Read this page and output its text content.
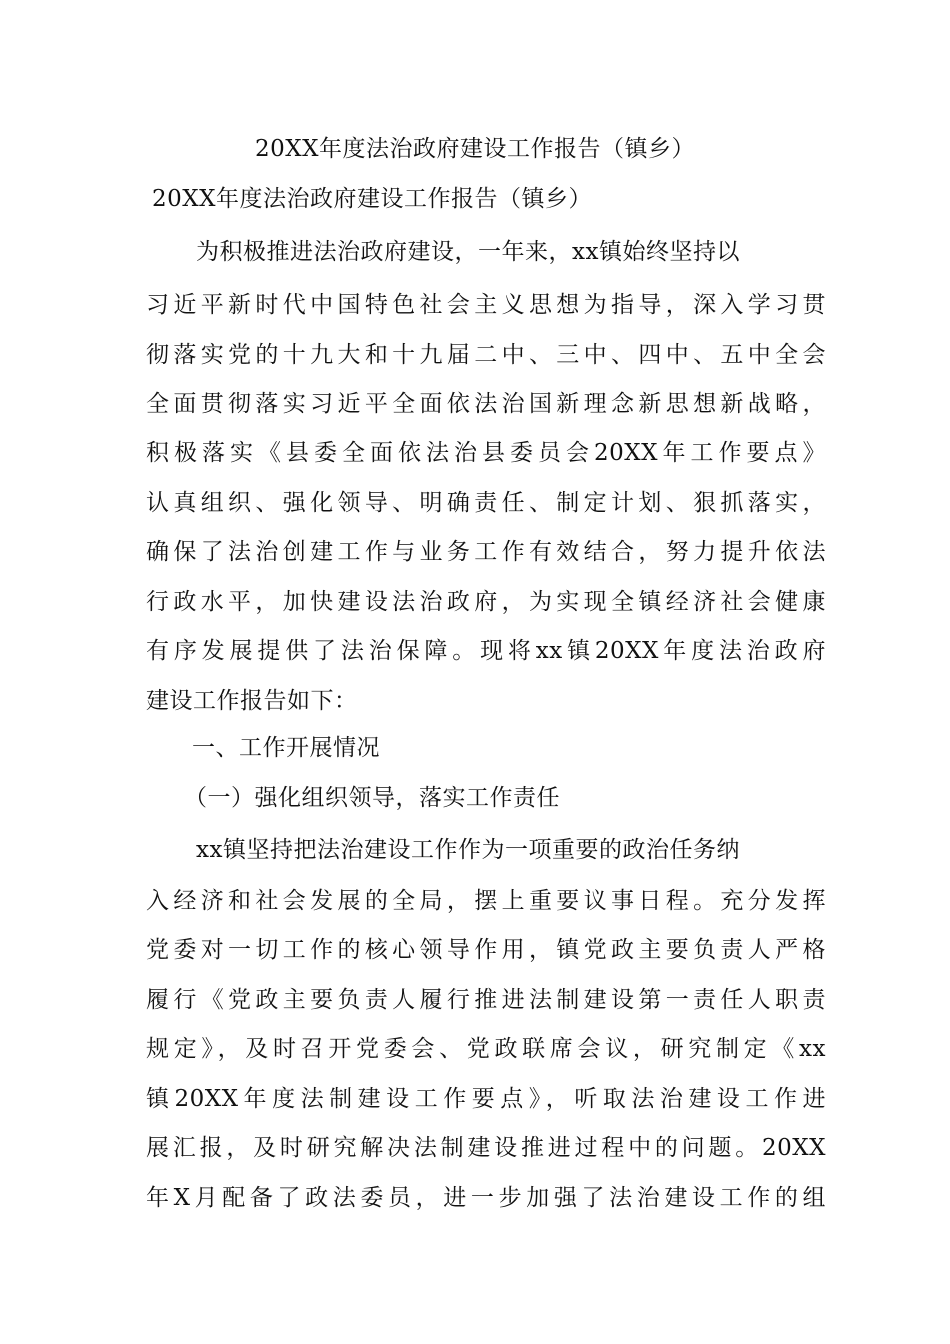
20XX年度法治政府建设工作报告（镇乡）
20XX年度法治政府建设工作报告（镇乡）
为积极推进法治政府建设，一年来，xx镇始终坚持以
习近平新时代中国特色社会主义思想为指导，深入学习贯
彻落实党的十九大和十九届二中、三中、四中、五中全会
全面贯彻落实习近平全面依法治国新理念新思想新战略，
积极落实《县委全面依法治县委员会20XX年工作要点》
认真组织、强化领导、明确责任、制定计划、狠抓落实，
确保了法治创建工作与业务工作有效结合，努力提升依法
行政水平，加快建设法治政府，为实现全镇经济社会健康
有序发展提供了法治保障。现将xx镇20XX年度法治政府
建设工作报告如下：
一、工作开展情况
（一）强化组织领导，落实工作责任
xx镇坚持把法治建设工作作为一项重要的政治任务纳
入经济和社会发展的全局，摆上重要议事日程。充分发挥
党委对一切工作的核心领导作用，镇党政主要负责人严格
履行《党政主要负责人履行推进法制建设第一责任人职责
规定》，及时召开党委会、党政联席会议，研究制定《xx
镇20XX年度法制建设工作要点》，听取法治建设工作进
展汇报，及时研究解决法制建设推进过程中的问题。20XX
年X月配备了政法委员，进一步加强了法治建设工作的组
